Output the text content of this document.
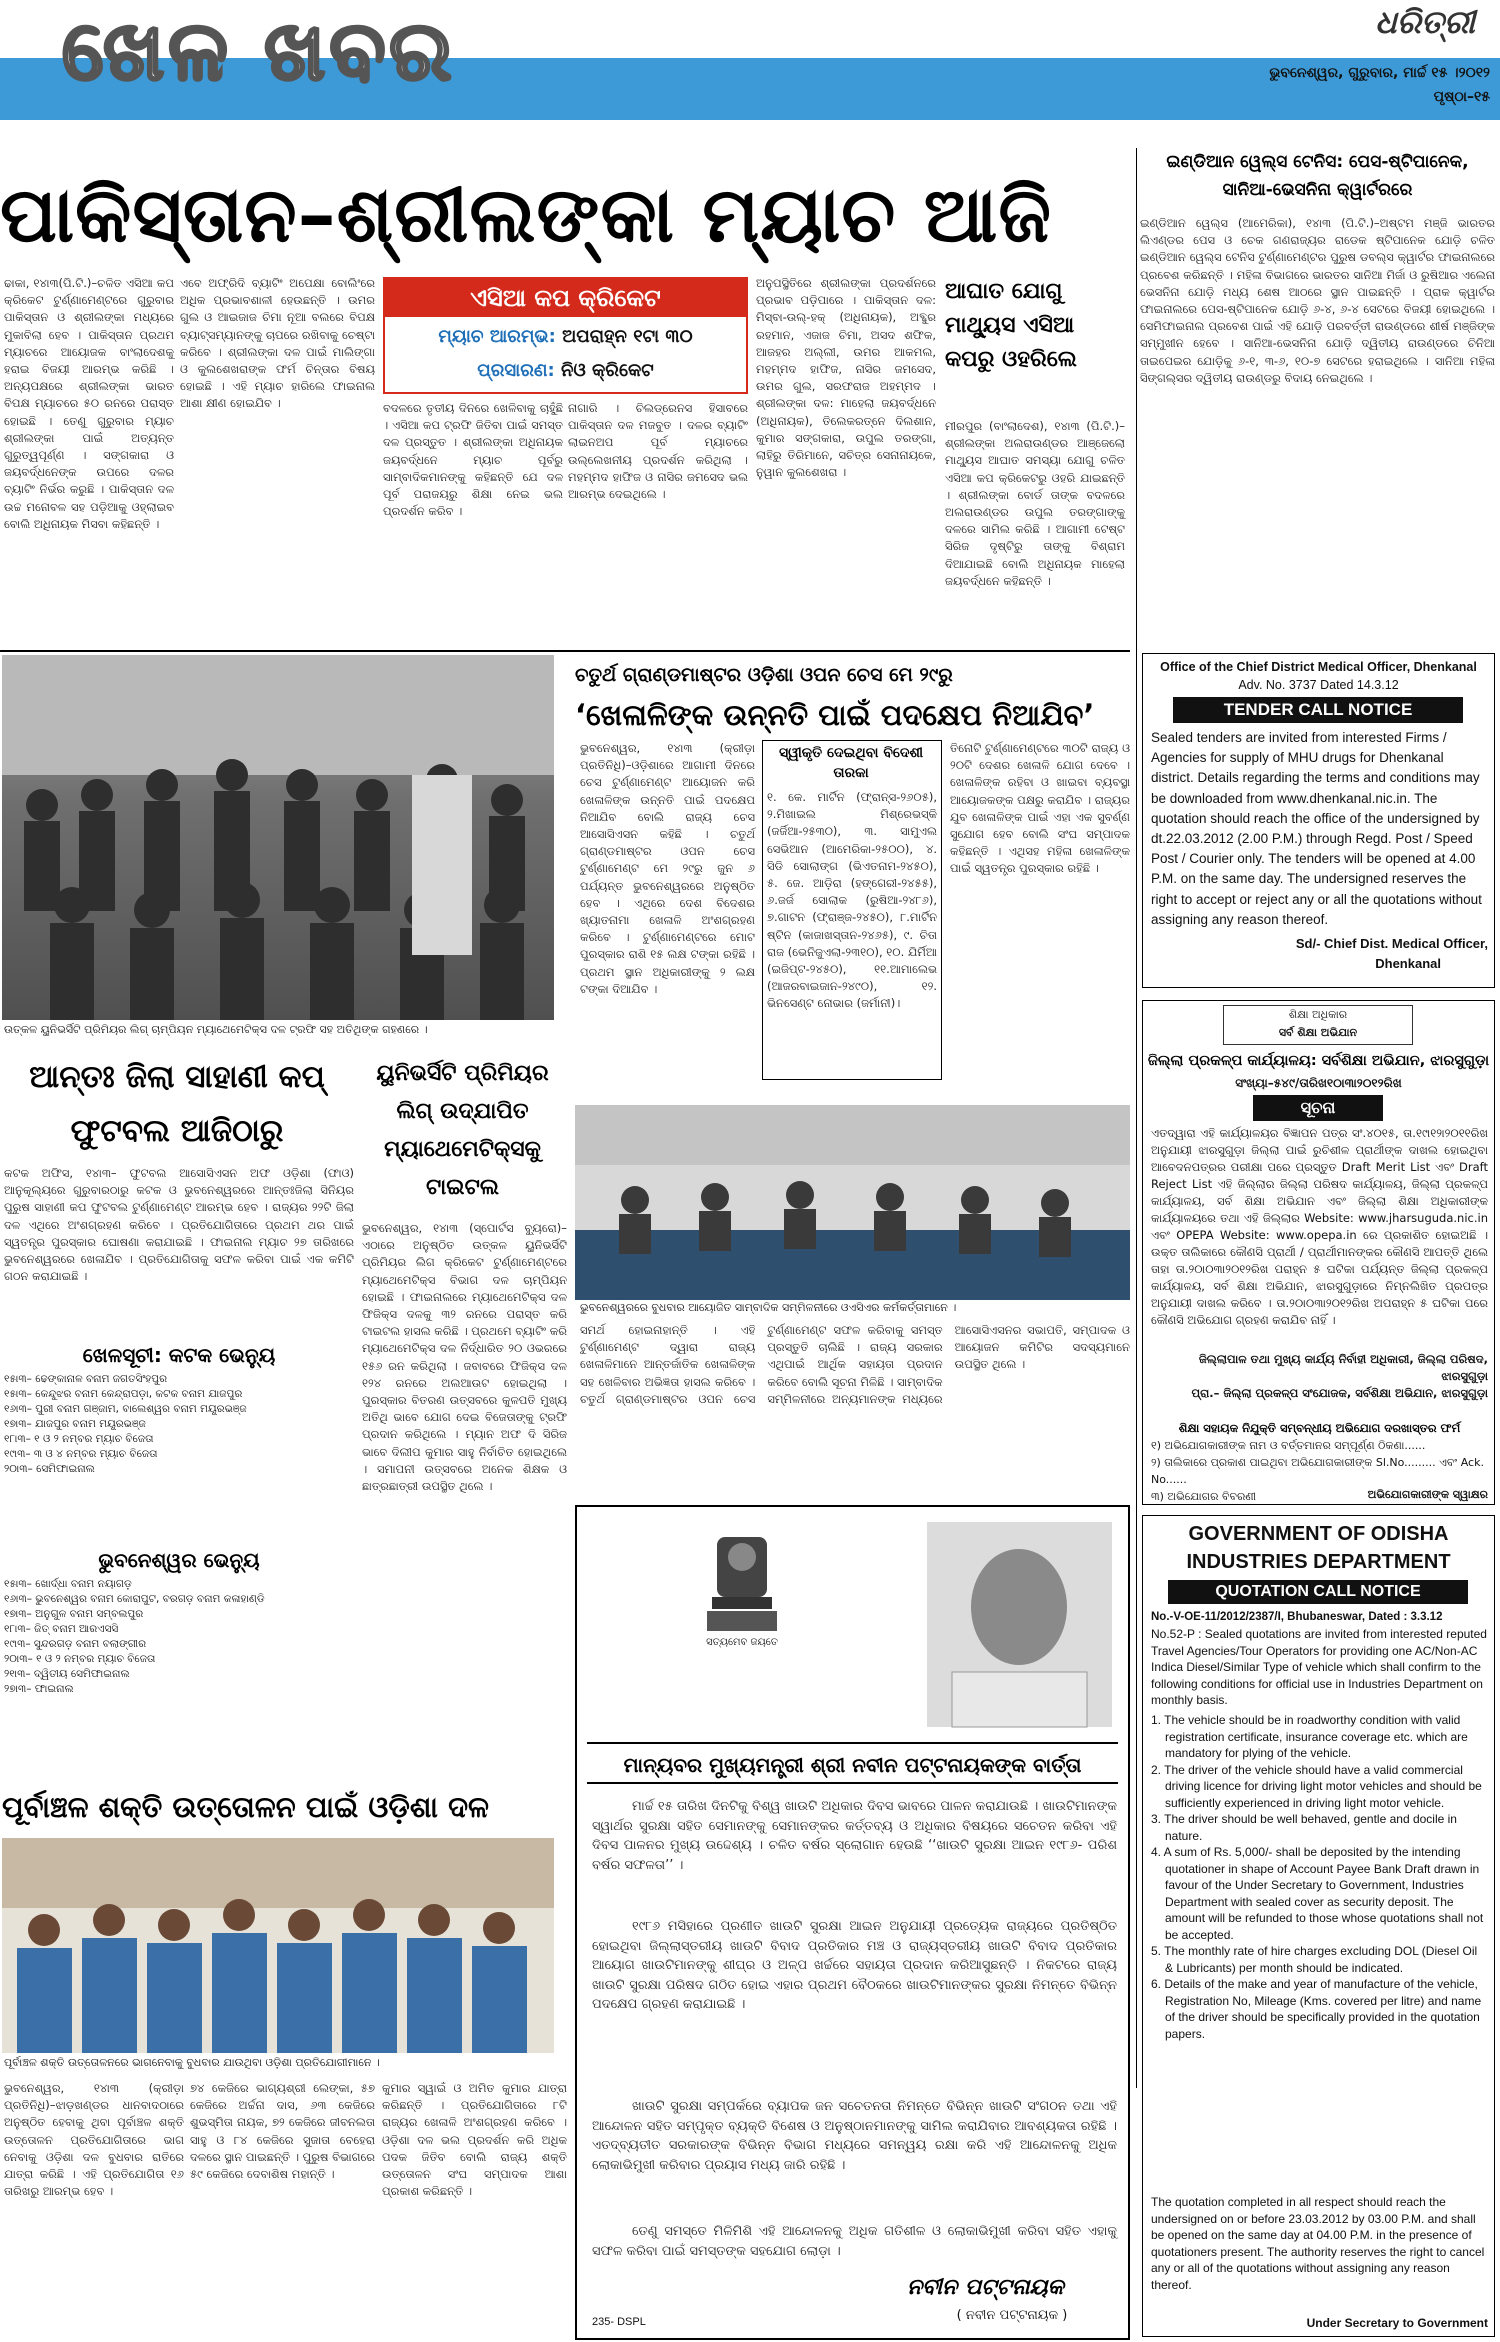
ଖେଳ ଖବର	ଧରିତ୍ରୀ
ଭୁବନେଶ୍ୱର, ଗୁରୁବାର, ମାର୍ଚ୍ଚ ୧୫ ।୨୦୧୨
ପୃଷ୍ଠା–୧୫
ପାକିସ୍ତାନ–ଶ୍ରୀଲଙ୍କା ମ୍ୟାଚ ଆଜି
ଢାକା, ୧୪ା୩(ପି.ଟି.)–ଚଳିତ ଏସିଆ କପ କ୍ରିକେଟ ଟୁର୍ଣ୍ଣାମେଣ୍ଟରେ ଗୁରୁବାର ପାକିସ୍ତାନ ଓ ଶ୍ରୀଲଙ୍କା ମଧ୍ୟରେ ମୁକାବିଲା ହେବ । ପାକିସ୍ତାନ ପ୍ରଥମ ମ୍ୟାଚରେ ଆୟୋଜକ ବାଂଲାଦେଶକୁ ହରାଇ ବିଜୟୀ ଆରମ୍ଭ କରିଛି । ଅନ୍ୟପକ୍ଷରେ ଶ୍ରୀଲଙ୍କା ଭାରତ ବିପକ୍ଷ ମ୍ୟାଚରେ ୫୦ ରନରେ ପରାସ୍ତ ହୋଇଛି । ତେଣୁ ଗୁରୁବାର ମ୍ୟାଚ ଶ୍ରୀଲଙ୍କା ପାଇଁ ଅତ୍ୟନ୍ତ ଗୁରୁତ୍ୱପୂର୍ଣ୍ଣ । ସଙ୍ଗକାରା ଓ ଜୟବର୍ଦ୍ଧନେଙ୍କ ଉପରେ ଦଳର ବ୍ୟାଟିଂ ନିର୍ଭର କରୁଛି । ପାକିସ୍ତାନ ଦଳ ଉଚ୍ଚ ମନୋବଳ ସହ ପଡ଼ିଆକୁ ଓହ୍ଲାଇବ ବୋଲି ଅଧିନାୟକ ମିସବା କହିଛନ୍ତି ।
ଏବେ ଅଫ୍ରିଦି ବ୍ୟାଟିଂ ଅପେକ୍ଷା ବୋଲିଂରେ ଅଧିକ ପ୍ରଭାବଶାଳୀ ହେଉଛନ୍ତି । ଉମର ଗୁଲ ଓ ଆଇଜାଜ ଚିମା ନୂଆ ବଲରେ ବିପକ୍ଷ ବ୍ୟାଟ୍ସମ୍ୟାନଙ୍କୁ ଚାପରେ ରଖିବାକୁ ଚେଷ୍ଟା କରିବେ । ଶ୍ରୀଲଙ୍କା ଦଳ ପାଇଁ ମାଲିଙ୍ଗା ଓ କୁଲଶେଖରାଙ୍କ ଫର୍ମ ଚିନ୍ତାର ବିଷୟ ହୋଇଛି । ଏହି ମ୍ୟାଚ ହାରିଲେ ଫାଇନାଲ ଆଶା କ୍ଷୀଣ ହୋଇଯିବ ।
ଏସିଆ କପ କ୍ରିକେଟ
ମ୍ୟାଚ ଆରମ୍ଭ: ଅପରାହ୍ନ ୧ଟା ୩୦
ପ୍ରସାରଣ: ନିଓ କ୍ରିକେଟ
ବଦଳରେ ତୃତୀୟ ଦିନରେ ଖେଳିବାକୁ ଚାହୁଁଛି । ଏସିଆ କପ ଟ୍ରଫି ଜିତିବା ପାଇଁ ସମସ୍ତ ଦଳ ପ୍ରସ୍ତୁତ । ଶ୍ରୀଲଙ୍କା ଅଧିନାୟକ ଜୟବର୍ଦ୍ଧନେ ମ୍ୟାଚ ପୂର୍ବରୁ ସାମ୍ବାଦିକମାନଙ୍କୁ କହିଛନ୍ତି ଯେ ଦଳ ପୂର୍ବ ପରାଜୟରୁ ଶିକ୍ଷା ନେଇ ଭଲ ପ୍ରଦର୍ଶନ କରିବ ।
ନାଗାରି । ଚିଲଡ୍ରେନସ ହିସାବରେ ପାକିସ୍ତାନ ଦଳ ମଜବୁତ । ଦଳର ବ୍ୟାଟିଂ ଲାଇନଅପ ପୂର୍ବ ମ୍ୟାଚରେ ଉଲ୍ଲେଖନୀୟ ପ୍ରଦର୍ଶନ କରିଥିଲା । ମହମ୍ମଦ ହାଫିଜ ଓ ନାସିର ଜମସେଦ ଭଲ ଆରମ୍ଭ ଦେଇଥିଲେ ।
ଅନୁପସ୍ଥିତିରେ ଶ୍ରୀଲଙ୍କା ପ୍ରଦର୍ଶନରେ ପ୍ରଭାବ ପଡ଼ିପାରେ । ପାକିସ୍ତାନ ଦଳ: ମିସ୍‌ବା-ଉଲ୍‌-ହକ୍ (ଅଧିନାୟକ), ଅବ୍ଦୁର ରହମାନ, ଏଜାଜ ଚିମା, ଅସଦ ଶଫିକ, ଆଜହର ଅଲ୍ଲୀ, ଉମର ଆକମଲ, ମହମ୍ମଦ ହାଫିଜ, ନାସିର ଜମସେଦ, ଉମର ଗୁଲ, ସରଫରାଜ ଅହମ୍ମଦ । ଶ୍ରୀଲଙ୍କା ଦଳ: ମାହେଲା ଜୟବର୍ଦ୍ଧନେ (ଅଧିନାୟକ), ତିଲେକରତ୍ନେ ଦିଲଶାନ, କୁମାର ସଙ୍ଗକାରା, ଉପୁଲ ତରଙ୍ଗା, ଲାହିରୁ ତିରିମାନେ, ସଚିତ୍ର ସେନାନାୟକେ, ନୁୱାନ କୁଲଶେଖରା ।
ଆଘାତ ଯୋଗୁ ମାଥ୍ୟୁସ ଏସିଆ କପରୁ ଓହରିଲେ
ମୀରପୁର (ବାଂଲାଦେଶ), ୧୪ା୩ (ପି.ଟି.)–ଶ୍ରୀଲଙ୍କା ଅଲରାଉଣ୍ଡର ଆଞ୍ଜେଲୋ ମାଥ୍ୟୁସ ଆଘାତ ସମସ୍ୟା ଯୋଗୁ ଚଳିତ ଏସିଆ କପ କ୍ରିକେଟରୁ ଓହରି ଯାଇଛନ୍ତି । ଶ୍ରୀଲଙ୍କା ବୋର୍ଡ ତାଙ୍କ ବଦଳରେ ଅଲରାଉଣ୍ଡର ଉପୁଲ ତରଙ୍ଗାଙ୍କୁ ଦଳରେ ସାମିଲ କରିଛି । ଆଗାମୀ ଟେଷ୍ଟ ସିରିଜ ଦୃଷ୍ଟିରୁ ତାଙ୍କୁ ବିଶ୍ରାମ ଦିଆଯାଇଛି ବୋଲି ଅଧିନାୟକ ମାହେଲା ଜୟବର୍ଦ୍ଧନେ କହିଛନ୍ତି ।
ଇଣ୍ଡିଆନ ୱେଲ୍ସ ଟେନିସ: ପେସ-ଷ୍ଟିପାନେକ, ସାନିଆ-ଭେସନିନା କ୍ୱାର୍ଟରରେ
ଇଣ୍ଡିଆନ ୱେଲ୍ସ (ଆମେରିକା), ୧୪ା୩ (ପି.ଟି.)–ଅଷ୍ଟମ ମଞ୍ଜି ଭାରତର ଲିଏଣ୍ଡର ପେସ ଓ ଚେକ ଗଣରାଜ୍ୟର ରାଡେକ ଷ୍ଟିପାନେକ ଯୋଡ଼ି ଚଳିତ ଇଣ୍ଡିଆନ ୱେଲ୍ସ ଟେନିସ ଟୁର୍ଣ୍ଣାମେଣ୍ଟର ପୁରୁଷ ଡବଲ୍ସ କ୍ୱାର୍ଟର ଫାଇନାଲରେ ପ୍ରବେଶ କରିଛନ୍ତି । ମହିଳା ବିଭାଗରେ ଭାରତର ସାନିଆ ମିର୍ଜା ଓ ରୁଷିଆର ଏଲେନା ଭେସନିନା ଯୋଡ଼ି ମଧ୍ୟ ଶେଷ ଆଠରେ ସ୍ଥାନ ପାଇଛନ୍ତି । ପ୍ରାକ କ୍ୱାର୍ଟର ଫାଇନାଲରେ ପେସ-ଷ୍ଟିପାନେକ ଯୋଡ଼ି ୬-୪, ୬-୪ ସେଟରେ ବିଜୟୀ ହୋଇଥିଲେ । ସେମିଫାଇନାଲ ପ୍ରବେଶ ପାଇଁ ଏହି ଯୋଡ଼ି ପରବର୍ତ୍ତୀ ରାଉଣ୍ଡରେ ଶୀର୍ଷ ମଞ୍ଜିଙ୍କ ସମ୍ମୁଖୀନ ହେବେ । ସାନିଆ-ଭେସନିନା ଯୋଡ଼ି ଦ୍ୱିତୀୟ ରାଉଣ୍ଡରେ ଚିନିଆ ତାଇପେଇର ଯୋଡ଼ିକୁ ୬-୧, ୩-୬, ୧୦-୭ ସେଟରେ ହରାଇଥିଲେ । ସାନିଆ ମହିଳା ସିଙ୍ଗଲ୍ସର ଦ୍ୱିତୀୟ ରାଉଣ୍ଡରୁ ବିଦାୟ ନେଇଥିଲେ ।
ଉତ୍କଳ ୟୁନିଭର୍ସିଟି ପ୍ରିମିୟର ଲିଗ୍ ଚାମ୍ପିୟନ ମ୍ୟାଥେମେଟିକ୍ସ ଦଳ ଟ୍ରଫି ସହ ଅତିଥିଙ୍କ ଗହଣରେ ।
ଚତୁର୍ଥ ଗ୍ରାଣ୍ଡମାଷ୍ଟର ଓଡ଼ିଶା ଓପନ ଚେସ ମେ ୨୯ରୁ
‘ଖେଳାଳିଙ୍କ ଉନ୍ନତି ପାଇଁ ପଦକ୍ଷେପ ନିଆଯିବ’
ଭୁବନେଶ୍ୱର, ୧୪ା୩ (କ୍ରୀଡ଼ା ପ୍ରତିନିଧି)–ଓଡ଼ିଶାରେ ଆଗାମୀ ଦିନରେ ଚେସ ଟୁର୍ଣ୍ଣାମେଣ୍ଟ ଆୟୋଜନ କରି ଖେଳାଳିଙ୍କ ଉନ୍ନତି ପାଇଁ ପଦକ୍ଷେପ ନିଆଯିବ ବୋଲି ରାଜ୍ୟ ଚେସ ଆସୋସିଏସନ କହିଛି । ଚତୁର୍ଥ ଗ୍ରାଣ୍ଡମାଷ୍ଟର ଓପନ ଚେସ ଟୁର୍ଣ୍ଣାମେଣ୍ଟ ମେ ୨୯ରୁ ଜୁନ ୬ ପର୍ଯ୍ୟନ୍ତ ଭୁବନେଶ୍ୱରରେ ଅନୁଷ୍ଠିତ ହେବ । ଏଥିରେ ଦେଶ ବିଦେଶର ଖ୍ୟାତନାମା ଖେଳାଳି ଅଂଶଗ୍ରହଣ କରିବେ । ଟୁର୍ଣ୍ଣାମେଣ୍ଟରେ ମୋଟ ପୁରସ୍କାର ରାଶି ୧୫ ଲକ୍ଷ ଟଙ୍କା ରହିଛି । ପ୍ରଥମ ସ୍ଥାନ ଅଧିକାରୀଙ୍କୁ ୨ ଲକ୍ଷ ଟଙ୍କା ଦିଆଯିବ ।
ସ୍ୱୀକୃତି ଦେଇଥିବା ବିଦେଶୀ ତାରକା
୧. କେ. ମାର୍ଟିନ (ଫ୍ରାନ୍ସ-୨୬୦୫), ୨.ମିଖାଇଲ ମିଶ୍ରେଭସ୍କି (ଜର୍ଜିଆ-୨୫୩୦), ୩. ସାମୁଏଲ ସେଭିଆନ (ଆମେରିକା-୨୫୦୦), ୪. ସିଡି ସୋଲାଙ୍ଗ (ଭିଏତନାମ-୨୪୫୦), ୫. ଜେ. ଆଡ଼ିରା (ହଙ୍ଗେରୀ-୨୪୫୫), ୬.ଜର୍ଜ ସୋଲାକ (ରୁଷିଆ-୨୪୮୬), ୭.ଗାଟନ (ଫ୍ରାଞ୍ଜ-୨୪୫୦), ୮.ମାର୍ଟିନ ଷ୍ଟିନ (କାଜାଖସ୍ତାନ-୨୪୬୫), ୯. ଚିତା ରାଜ (ଭେନିଜୁଏଲା-୨୩୧୦), ୧୦. ଯିର୍ମିଆ (ଇଜିପ୍ଟ-୨୪୫୦), ୧୧.ଆମାଲେଭ (ଆଜରବାଇଜାନ-୨୪୯୦), ୧୨. ଭିନସେଣ୍ଟ ନୋଭାର (ଜର୍ମାନୀ)।
ତିନୋଟି ଟୁର୍ଣ୍ଣାମେଣ୍ଟରେ ୩୦ଟି ରାଜ୍ୟ ଓ ୨୦ଟି ଦେଶର ଖେଳାଳି ଯୋଗ ଦେବେ । ଖେଳାଳିଙ୍କ ରହିବା ଓ ଖାଇବା ବ୍ୟବସ୍ଥା ଆୟୋଜକଙ୍କ ପକ୍ଷରୁ କରାଯିବ । ରାଜ୍ୟର ଯୁବ ଖେଳାଳିଙ୍କ ପାଇଁ ଏହା ଏକ ସୁବର୍ଣ୍ଣ ସୁଯୋଗ ହେବ ବୋଲି ସଂଘ ସମ୍ପାଦକ କହିଛନ୍ତି । ଏଥିସହ ମହିଳା ଖେଳାଳିଙ୍କ ପାଇଁ ସ୍ୱତନ୍ତ୍ର ପୁରସ୍କାର ରହିଛି ।
ଭୁବନେଶ୍ୱରରେ ବୁଧବାର ଆୟୋଜିତ ସାମ୍ବାଦିକ ସମ୍ମିଳନୀରେ ଓଏସିଏର କର୍ମକର୍ତ୍ତାମାନେ ।
ସମର୍ଥ ହୋଇନାହାନ୍ତି । ଏହି ଟୁର୍ଣ୍ଣାମେଣ୍ଟ ଦ୍ୱାରା ରାଜ୍ୟ ଖେଳାଳିମାନେ ଆନ୍ତର୍ଜାତିକ ଖେଳାଳିଙ୍କ ସହ ଖେଳିବାର ଅଭିଜ୍ଞତା ହାସଲ କରିବେ । ଚତୁର୍ଥ ଗ୍ରାଣ୍ଡମାଷ୍ଟର ଓପନ ଚେସ ଟୁର୍ଣ୍ଣାମେଣ୍ଟ ସଫଳ କରିବାକୁ ସମସ୍ତ ପ୍ରସ୍ତୁତି ଚାଲିଛି । ରାଜ୍ୟ ସରକାର ଏଥିପାଇଁ ଆର୍ଥିକ ସହାୟତା ପ୍ରଦାନ କରିବେ ବୋଲି ସୂଚନା ମିଳିଛି । ସାମ୍ବାଦିକ ସମ୍ମିଳନୀରେ ଅନ୍ୟମାନଙ୍କ ମଧ୍ୟରେ ଆସୋସିଏସନର ସଭାପତି, ସମ୍ପାଦକ ଓ ଆୟୋଜନ କମିଟିର ସଦସ୍ୟମାନେ ଉପସ୍ଥିତ ଥିଲେ ।
ଆନ୍ତଃ ଜିଲା ସାହାଣୀ କପ୍ ଫୁଟବଲ ଆଜିଠାରୁ
କଟକ ଅଫିସ, ୧୪ା୩– ଫୁଟବଲ ଆସୋସିଏସନ ଅଫ ଓଡ଼ିଶା (ଫାଓ) ଆନୁକୂଲ୍ୟରେ ଗୁରୁବାରଠାରୁ କଟକ ଓ ଭୁବନେଶ୍ୱରରେ ଆନ୍ତଃଜିଲା ସିନିୟର ପୁରୁଷ ସାହାଣୀ କପ ଫୁଟବଲ ଟୁର୍ଣ୍ଣାମେଣ୍ଟ ଆରମ୍ଭ ହେବ । ରାଜ୍ୟର ୨୨ଟି ଜିଲା ଦଳ ଏଥିରେ ଅଂଶଗ୍ରହଣ କରିବେ । ପ୍ରତିଯୋଗିତାରେ ପ୍ରଥମ ଥର ପାଇଁ ସ୍ୱତନ୍ତ୍ର ପୁରସ୍କାର ଘୋଷଣା କରାଯାଇଛି । ଫାଇନାଲ ମ୍ୟାଚ ୨୭ ତାରିଖରେ ଭୁବନେଶ୍ୱରରେ ଖେଳାଯିବ । ପ୍ରତିଯୋଗିତାକୁ ସଫଳ କରିବା ପାଇଁ ଏକ କମିଟି ଗଠନ କରାଯାଇଛି ।
ଖେଳସୂଚୀ: କଟକ ଭେନ୍ୟୁ
୧୫ା୩– ଢେଙ୍କାନାଳ ବନାମ ଜଗତସିଂହପୁର
୧୫ା୩– କେନ୍ଦୁଝର ବନାମ କେନ୍ଦ୍ରାପଡ଼ା, କଟକ ବନାମ ଯାଜପୁର
୧୬ା୩– ପୁରୀ ବନାମ ଗଞ୍ଜାମ, ବାଲେଶ୍ୱର ବନାମ ମୟୂରଭଞ୍ଜ
୧୭ା୩– ଯାଜପୁର ବନାମ ମୟୂରଭଞ୍ଜ
୧୮ା୩– ୧ ଓ ୨ ନମ୍ବର ମ୍ୟାଚ ବିଜେତା
୧୯ା୩– ୩ ଓ ୪ ନମ୍ବର ମ୍ୟାଚ ବିଜେତା
୨୦ା୩– ସେମିଫାଇନାଲ
ଭୁବନେଶ୍ୱର ଭେନ୍ୟୁ
୧୫ା୩– ଖୋର୍ଦ୍ଧା ବନାମ ନୟାଗଡ଼
୧୬ା୩– ଭୁବନେଶ୍ୱର ବନାମ କୋରାପୁଟ, ବରଗଡ଼ ବନାମ କଳାହାଣ୍ଡି
୧୭ା୩– ଅନୁଗୁଳ ବନାମ ସମ୍ବଲପୁର
୧୮ା୩– ଜିତ୍ ବନାମ ଆରଏସସି
୧୯ା୩– ସୁନ୍ଦରଗଡ଼ ବନାମ ବଲାଙ୍ଗୀର
୨୦ା୩– ୧ ଓ ୨ ନମ୍ବର ମ୍ୟାଚ ବିଜେତା
୨୧ା୩– ଦ୍ୱିତୀୟ ସେମିଫାଇନାଲ
୨୭ା୩– ଫାଇନାଲ
ୟୁନିଭର୍ସିଟି ପ୍ରିମିୟର ଲିଗ୍ ଉଦ୍‌ଯାପିତ ମ୍ୟାଥେମେଟିକ୍ସକୁ ଟାଇଟଲ
ଭୁବନେଶ୍ୱର, ୧୪ା୩ (ସ୍ପୋର୍ଟସ ବ୍ୟୁରୋ)–ଏଠାରେ ଅନୁଷ୍ଠିତ ଉତ୍କଳ ୟୁନିଭର୍ସିଟି ପ୍ରିମିୟର ଲିଗ କ୍ରିକେଟ ଟୁର୍ଣ୍ଣାମେଣ୍ଟରେ ମ୍ୟାଥେମେଟିକ୍ସ ବିଭାଗ ଦଳ ଚାମ୍ପିୟନ ହୋଇଛି । ଫାଇନାଲରେ ମ୍ୟାଥେମେଟିକ୍ସ ଦଳ ଫିଜିକ୍ସ ଦଳକୁ ୩୨ ରନରେ ପରାସ୍ତ କରି ଟାଇଟଲ ହାସଲ କରିଛି । ପ୍ରଥମେ ବ୍ୟାଟିଂ କରି ମ୍ୟାଥେମେଟିକ୍ସ ଦଳ ନିର୍ଦ୍ଧାରିତ ୨୦ ଓଭରରେ ୧୫୬ ରନ କରିଥିଲା । ଜବାବରେ ଫିଜିକ୍ସ ଦଳ ୧୨୪ ରନରେ ଅଲଆଉଟ ହୋଇଥିଲା । ପୁରସ୍କାର ବିତରଣ ଉତ୍ସବରେ କୁଳପତି ମୁଖ୍ୟ ଅତିଥି ଭାବେ ଯୋଗ ଦେଇ ବିଜେତାଙ୍କୁ ଟ୍ରଫି ପ୍ରଦାନ କରିଥିଲେ । ମ୍ୟାନ ଅଫ ଦି ସିରିଜ ଭାବେ ଦିଲୀପ କୁମାର ସାହୁ ନିର୍ବାଚିତ ହୋଇଥିଲେ । ସମାପନୀ ଉତ୍ସବରେ ଅନେକ ଶିକ୍ଷକ ଓ ଛାତ୍ରଛାତ୍ରୀ ଉପସ୍ଥିତ ଥିଲେ ।
ପୂର୍ବାଞ୍ଚଳ ଶକ୍ତି ଉତ୍ତୋଳନ ପାଇଁ ଓଡ଼ିଶା ଦଳ
ପୂର୍ବାଞ୍ଚଳ ଶକ୍ତି ଉତ୍ତୋଳନରେ ଭାଗନେବାକୁ ବୁଧବାର ଯାଉଥିବା ଓଡ଼ିଶା ପ୍ରତିଯୋଗୀମାନେ ।
ଭୁବନେଶ୍ୱର, ୧୪ା୩ (କ୍ରୀଡ଼ା ପ୍ରତିନିଧି)–ଝାଡ଼ଖଣ୍ଡର ଧାନବାଦଠାରେ ଅନୁଷ୍ଠିତ ହେବାକୁ ଥିବା ପୂର୍ବାଞ୍ଚଳ ଶକ୍ତି ଉତ୍ତୋଳନ ପ୍ରତିଯୋଗିତାରେ ଭାଗ ନେବାକୁ ଓଡ଼ିଶା ଦଳ ବୁଧବାର ରାତିରେ ଯାତ୍ରା କରିଛି । ଏହି ପ୍ରତିଯୋଗିତା ୧୬ ତାରିଖରୁ ଆରମ୍ଭ ହେବ ।
୭୪ କେଜିରେ ଭାଗ୍ୟଶ୍ରୀ ଲେଙ୍କା, ୫୭ କେଜିରେ ଅର୍ଚ୍ଚନା ଦାସ, ୬୩ କେଜିରେ ଶୁଭସ୍ମିତା ନାୟକ, ୭୨ କେଜିରେ ଜୀବନଲତା ସାହୁ ଓ ୮୪ କେଜିରେ ସୁଜାତା ବେହେରା ଦଳରେ ସ୍ଥାନ ପାଇଛନ୍ତି । ପୁରୁଷ ବିଭାଗରେ ୫୯ କେଜିରେ ଦେବାଶିଷ ମହାନ୍ତି ।
କୁମାର ସ୍ୱାଇଁ ଓ ଅମିତ କୁମାର ଯାତ୍ରା କରିଛନ୍ତି । ପ୍ରତିଯୋଗିତାରେ ୮ଟି ରାଜ୍ୟର ଖେଳାଳି ଅଂଶଗ୍ରହଣ କରିବେ । ଓଡ଼ିଶା ଦଳ ଭଲ ପ୍ରଦର୍ଶନ କରି ଅଧିକ ପଦକ ଜିତିବ ବୋଲି ରାଜ୍ୟ ଶକ୍ତି ଉତ୍ତୋଳନ ସଂଘ ସମ୍ପାଦକ ଆଶା ପ୍ରକାଶ କରିଛନ୍ତି ।
ସତ୍ୟମେବ ଜୟତେ
ମାନ୍ୟବର ମୁଖ୍ୟମନ୍ତ୍ରୀ ଶ୍ରୀ ନବୀନ ପଟ୍ଟନାୟକଙ୍କ ବାର୍ତ୍ତା
ମାର୍ଚ୍ଚ ୧୫ ତାରିଖ ଦିନଟିକୁ ବିଶ୍ୱ ଖାଉଟି ଅଧିକାର ଦିବସ ଭାବରେ ପାଳନ କରାଯାଉଛି । ଖାଉଟିମାନଙ୍କ ସ୍ୱାର୍ଥର ସୁରକ୍ଷା ସହିତ ସେମାନଙ୍କୁ ସେମାନଙ୍କର କର୍ତ୍ତବ୍ୟ ଓ ଅଧିକାର ବିଷୟରେ ସଚେତନ କରିବା ଏହି ଦିବସ ପାଳନର ମୁଖ୍ୟ ଉଦ୍ଦେଶ୍ୟ । ଚଳିତ ବର୍ଷର ସ୍ଲୋଗାନ ହେଉଛି ‘‘ଖାଉଟି ସୁରକ୍ଷା ଆଇନ ୧୯୮୬- ପରିଶ ବର୍ଷର ସଫଳତା’’ ।
୧୯୮୬ ମସିହାରେ ପ୍ରଣୀତ ଖାଉଟି ସୁରକ୍ଷା ଆଇନ ଅନୁଯାୟୀ ପ୍ରତ୍ୟେକ ରାଜ୍ୟରେ ପ୍ରତିଷ୍ଠିତ ହୋଇଥିବା ଜିଲ୍ଲାସ୍ତରୀୟ ଖାଉଟି ବିବାଦ ପ୍ରତିକାର ମଞ୍ଚ ଓ ରାଜ୍ୟସ୍ତରୀୟ ଖାଉଟି ବିବାଦ ପ୍ରତିକାର ଆୟୋଗ ଖାଉଟିମାନଙ୍କୁ ଶୀଘ୍ର ଓ ଅଳ୍ପ ଖର୍ଚ୍ଚରେ ସହାୟତା ପ୍ରଦାନ କରିଆସୁଛନ୍ତି । ନିକଟରେ ରାଜ୍ୟ ଖାଉଟି ସୁରକ୍ଷା ପରିଷଦ ଗଠିତ ହୋଇ ଏହାର ପ୍ରଥମ ବୈଠକରେ ଖାଉଟିମାନଙ୍କର ସୁରକ୍ଷା ନିମନ୍ତେ ବିଭିନ୍ନ ପଦକ୍ଷେପ ଗ୍ରହଣ କରାଯାଇଛି ।
ଖାଉଟି ସୁରକ୍ଷା ସମ୍ପର୍କରେ ବ୍ୟାପକ ଜନ ସଚେତନତା ନିମନ୍ତେ ବିଭିନ୍ନ ଖାଉଟି ସଂଗଠନ ତଥା ଏହି ଆନ୍ଦୋଳନ ସହିତ ସମ୍ପୃକ୍ତ ବ୍ୟକ୍ତି ବିଶେଷ ଓ ଅନୁଷ୍ଠାନମାନଙ୍କୁ ସାମିଲ କରାଯିବାର ଆବଶ୍ୟକତା ରହିଛି । ଏତଦ୍‌ବ୍ୟତୀତ ସରକାରଙ୍କ ବିଭିନ୍ନ ବିଭାଗ ମଧ୍ୟରେ ସମନ୍ୱୟ ରକ୍ଷା କରି ଏହି ଆନ୍ଦୋଳନକୁ ଅଧିକ ଲୋକାଭିମୁଖୀ କରିବାର ପ୍ରୟାସ ମଧ୍ୟ ଜାରି ରହିଛି ।
ତେଣୁ ସମସ୍ତେ ମିଳିମିଶି ଏହି ଆନ୍ଦୋଳନକୁ ଅଧିକ ଗତିଶୀଳ ଓ ଲୋକାଭିମୁଖୀ କରିବା ସହିତ ଏହାକୁ ସଫଳ କରିବା ପାଇଁ ସମସ୍ତଙ୍କ ସହଯୋଗ ଲୋଡ଼ା ।
ନବୀନ ପଟ୍ଟନାୟକ
( ନବୀନ ପଟ୍ଟନାୟକ )
235- DSPL
Office of the Chief District Medical Officer, Dhenkanal
Adv. No. 3737 Dated 14.3.12
TENDER CALL NOTICE
Sealed tenders are invited from interested Firms / Agencies for supply of MHU drugs for Dhenkanal district. Details regarding the terms and conditions may be downloaded from www.dhenkanal.nic.in. The quotation should reach the office of the undersigned by dt.22.03.2012 (2.00 P.M.) through Regd. Post / Speed Post / Courier only. The tenders will be opened at 4.00 P.M. on the same day. The undersigned reserves the right to accept or reject any or all the quotations without assigning any reason thereof.
Sd/- Chief Dist. Medical Officer,
Dhenkanal
ଶିକ୍ଷା ଅଧିକାର
ସର୍ବ ଶିକ୍ଷା ଅଭିଯାନ
ଜିଲ୍ଲା ପ୍ରକଳ୍ପ କାର୍ଯ୍ୟାଳୟ: ସର୍ବଶିକ୍ଷା ଅଭିଯାନ, ଝାରସୁଗୁଡ଼ା
ସଂଖ୍ୟା–୫୪୯/ତାରିଖ୧୦ା୩ା୨୦୧୨ରିଖ
ସୂଚନା
ଏତଦ୍ୱାରା ଏହି କାର୍ଯ୍ୟାଳୟର ବିଜ୍ଞାପନ ପତ୍ର ସଂ.୪୦୧୫, ତା.୧୯ା୧୨ା୨୦୧୧ରିଖ ଅନୁଯାୟୀ ଝାରସୁଗୁଡ଼ା ଜିଲ୍ଲା ପାଇଁ ରୁଚିଶୀଳ ପ୍ରାର୍ଥୀଙ୍କ ଦାଖଲ ହୋଇଥିବା ଆବେଦନପତ୍ରର ପରୀକ୍ଷା ପରେ ପ୍ରସ୍ତୁତ Draft Merit List ଏବଂ Draft Reject List ଏହି ଜିଲ୍ଲାର ଜିଲ୍ଲା ପରିଷଦ କାର୍ଯ୍ୟାଳୟ, ଜିଲ୍ଲା ପ୍ରକଳ୍ପ କାର୍ଯ୍ୟାଳୟ, ସର୍ବ ଶିକ୍ଷା ଅଭିଯାନ ଏବଂ ଜିଲ୍ଲା ଶିକ୍ଷା ଅଧିକାରୀଙ୍କ କାର୍ଯ୍ୟାଳୟରେ ତଥା ଏହି ଜିଲ୍ଲାର Website: www.jharsuguda.nic.in ଏବଂ OPEPA Website: www.opepa.in ରେ ପ୍ରକାଶିତ ହୋଇଅଛି । ଉକ୍ତ ତାଲିକାରେ କୌଣସି ପ୍ରାର୍ଥୀ / ପ୍ରାର୍ଥୀମାନଙ୍କର କୌଣସି ଆପତ୍ତି ଥିଲେ ତାହା ତା.୨୦ା୦୩ା୨୦୧୨ରିଖ ପରାହ୍ନ ୫ ଘଟିକା ପର୍ଯ୍ୟନ୍ତ ଜିଲ୍ଲା ପ୍ରକଳ୍ପ କାର୍ଯ୍ୟାଳୟ, ସର୍ବ ଶିକ୍ଷା ଅଭିଯାନ, ଝାରସୁଗୁଡ଼ାରେ ନିମ୍ନଲିଖିତ ପ୍ରପତ୍ର ଅନୁଯାୟୀ ଦାଖଲ କରିବେ । ତା.୨୦ା୦୩ା୨୦୧୨ରିଖ ଅପରାହ୍ନ ୫ ଘଟିକା ପରେ କୌଣସି ଅଭିଯୋଗ ଗ୍ରହଣ କରାଯିବ ନାହିଁ ।
ଜିଲ୍ଲାପାଳ ତଥା ମୁଖ୍ୟ କାର୍ଯ୍ୟ ନିର୍ବାହୀ ଅଧିକାରୀ, ଜିଲ୍ଲା ପରିଷଦ, ଝାରସୁଗୁଡ଼ା
ପ୍ରା.– ଜିଲ୍ଲା ପ୍ରକଳ୍ପ ସଂଯୋଜକ, ସର୍ବଶିକ୍ଷା ଅଭିଯାନ, ଝାରସୁଗୁଡ଼ା
ଶିକ୍ଷା ସହାୟକ ନିଯୁକ୍ତି ସମ୍ବନ୍ଧୀୟ ଅଭିଯୋଗ ଦରଖାସ୍ତର ଫର୍ମ
୧) ଅଭିଯୋଗକାରୀଙ୍କ ନାମ ଓ ବର୍ତ୍ତମାନର ସମ୍ପୂର୍ଣ୍ଣ ଠିକଣା......
୨) ତାଲିକାରେ ପ୍ରକାଶ ପାଇଥିବା ଅଭିଯୋଗକାରୀଙ୍କ Sl.No......... ଏବଂ Ack. No......
୩) ଅଭିଯୋଗର ବିବରଣୀ	ଅଭିଯୋଗକାରୀଙ୍କ ସ୍ୱାକ୍ଷର
GOVERNMENT OF ODISHA
INDUSTRIES DEPARTMENT
QUOTATION CALL NOTICE
No.-V-OE-11/2012/2387/I, Bhubaneswar, Dated : 3.3.12
No.52-P : Sealed quotations are invited from interested reputed Travel Agencies/Tour Operators for providing one AC/Non-AC Indica Diesel/Similar Type of vehicle which shall confirm to the following conditions for official use in Industries Department on monthly basis.
1. The vehicle should be in roadworthy condition with valid registration certificate, insurance coverage etc. which are mandatory for plying of the vehicle.
2. The driver of the vehicle should have a valid commercial driving licence for driving light motor vehicles and should be sufficiently experienced in driving light motor vehicle.
3. The driver should be well behaved, gentle and docile in nature.
4. A sum of Rs. 5,000/- shall be deposited by the intending quotationer in shape of Account Payee Bank Draft drawn in favour of the Under Secretary to Government, Industries Department with sealed cover as security deposit. The amount will be refunded to those whose quotations shall not be accepted.
5. The monthly rate of hire charges excluding DOL (Diesel Oil & Lubricants) per month should be indicated.
6. Details of the make and year of manufacture of the vehicle, Registration No, Mileage (Kms. covered per litre) and name of the driver should be specifically provided in the quotation papers.
The quotation completed in all respect should reach the undersigned on or before 23.03.2012 by 03.00 P.M. and shall be opened on the same day at 04.00 P.M. in the presence of quotationers present. The authority reserves the right to cancel any or all of the quotations without assigning any reason thereof.
Under Secretary to Government
